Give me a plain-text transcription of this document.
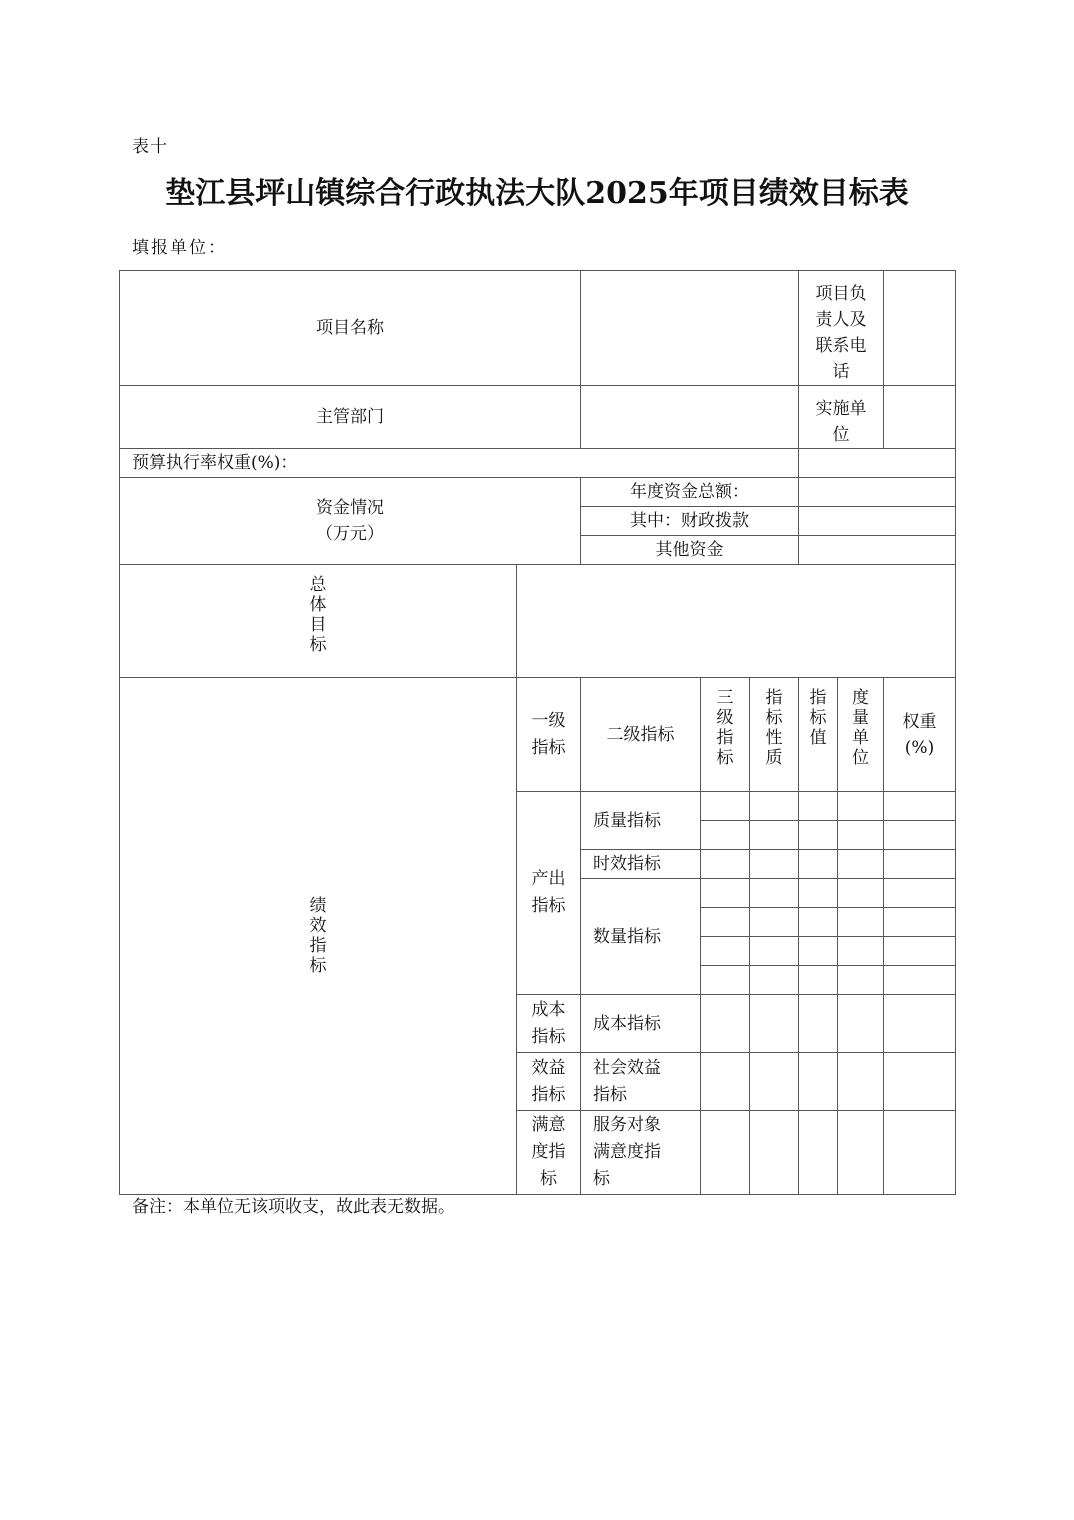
表十
垫江县坪山镇综合行政执法大队2025年项目绩效目标表
填报单位：
项目名称					项目负责人及联系电话		
主管部门					实施单位		
预算执行率权重(%)：							

资金情况
（万元）		年度资金总额：					
		其中：财政拨款					
		其他资金					
总体目标							
绩效指标	一级指标	二级指标	三级指标	指标性质	指标值	度量单位	权重
(%)

	产出指标	质量指标					

		时效指标					
		数量指标					

	成本指标	成本指标					
	效益指标	社会效益指标					
	满意度指标	服务对象满意度指标					
备注：本单位无该项收支，故此表无数据。
